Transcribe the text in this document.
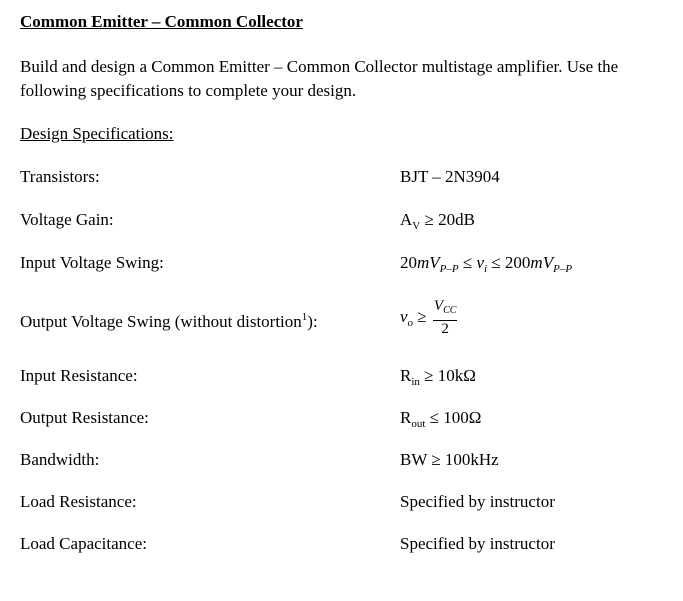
Common Emitter – Common Collector
Build and design a Common Emitter – Common Collector multistage amplifier. Use the following specifications to complete your design.
Design Specifications:
Transistors:	BJT – 2N3904
Voltage Gain:	$A_V \ge 20dB$
Input Voltage Swing:	$20mV_{P-P} \le v_i \le 200mV_{P-P}$
Output Voltage Swing (without distortion$^1$):	$v_o \ge \frac{V_{CC}}{2}$
Input Resistance:	$R_{in} \ge 10k\Omega$
Output Resistance:	$R_{out} \le 100\Omega$
Bandwidth:	BW ≥ 100kHz
Load Resistance:	Specified by instructor
Load Capacitance:	Specified by instructor
